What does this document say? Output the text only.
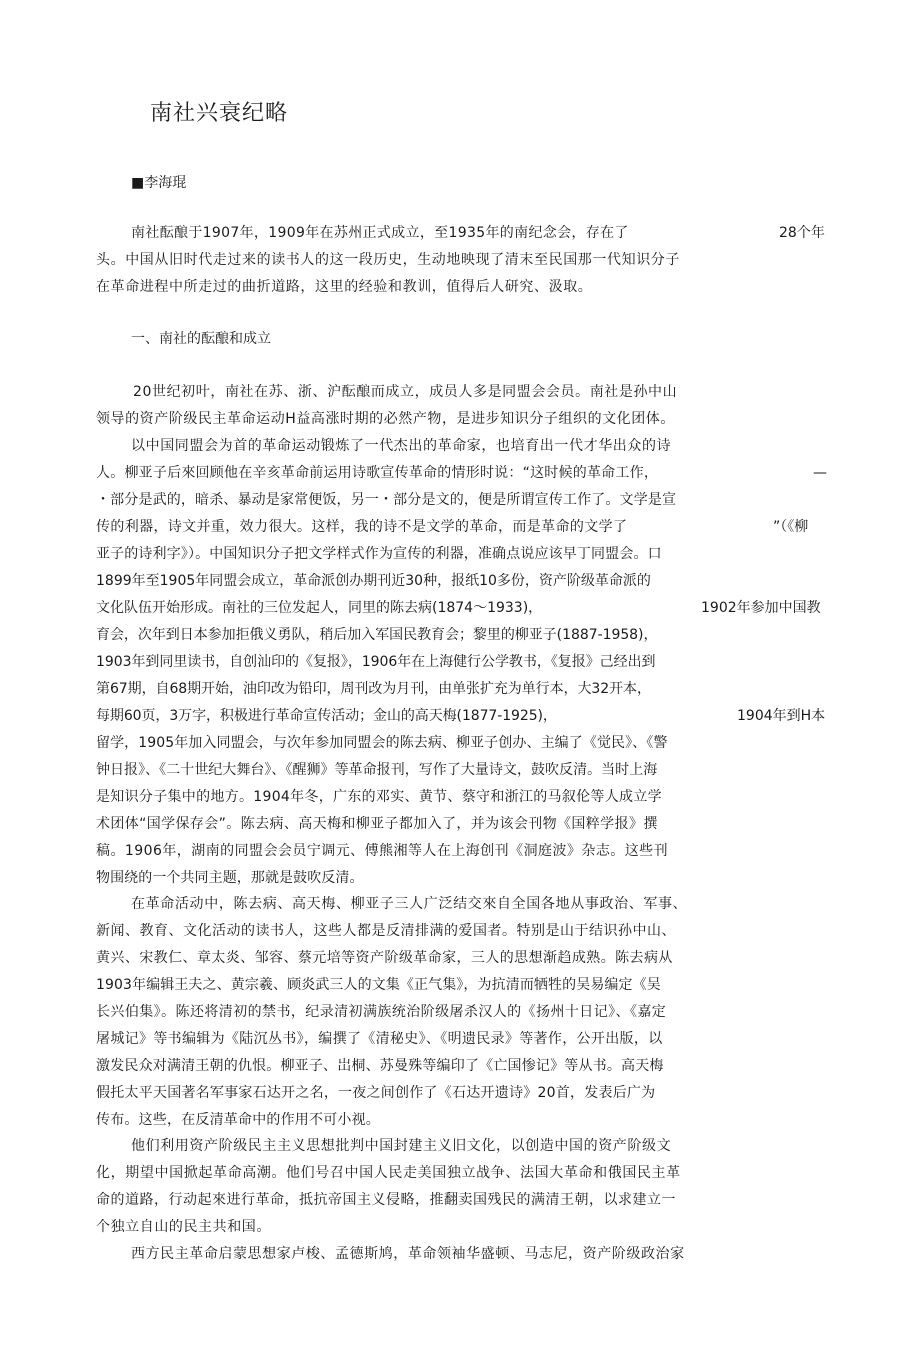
南社兴衰纪略
■李海琨
一、南社的酝酿和成立
南社酝酿于1907年，1909年在苏州正式成立，至1935年的南纪念会，存在了	28个年
头。中国从旧时代走过来的读书人的这一段历史，生动地映现了清末至民国那一代知识分子
在革命进程中所走过的曲折道路，这里的经验和教训，值得后人研究、汲取。
20世纪初叶，南社在苏、浙、沪酝酿而成立，成员人多是同盟会会员。南社是孙中山
领导的资产阶级民主革命运动H益高涨时期的必然产物，是进步知识分子组织的文化团体。
以中国同盟会为首的革命运动锻炼了一代杰出的革命家，也培育出一代才华出众的诗
人。柳亚子后來回顾他在辛亥革命前运用诗歌宣传革命的情形时说：“这时候的革命工作，	—
・部分是武的，暗杀、暴动是家常便饭，另一・部分是文的，便是所谓宣传工作了。文学是宣
传的利器，诗文并重，效力很大。这样，我的诗不是文学的革命，而是革命的文学了	”（《柳
亚子的诗利字》）。中国知识分子把文学样式作为宣传的利器，准确点说应该早丁同盟会。口
1899年至1905年同盟会成立，革命派创办期刊近30种，报纸10多份，资产阶级革命派的
文化队伍开始形成。南社的三位发起人，同里的陈去病(1874～1933)，	1902年参加中国教
育会，次年到日本参加拒俄义勇队，稍后加入军国民教育会；黎里的柳亚子(1887-1958)，
1903年到同里读书，自创汕印的《复报》，1906年在上海健行公学教书，《复报》己经出到
第67期，自68期开始，油印改为铅印，周刊改为月刊，由单张扩充为单行本，大32开本，
每期60页，3万字，积极进行革命宣传活动；金山的高天梅(1877-1925)，	1904年到H本
留学，1905年加入同盟会，与次年参加同盟会的陈去病、柳亚子创办、主编了《觉民》、《警
钟日报》、《二十世纪大舞台》、《醒狮》等革命报刊，写作了大量诗文，鼓吹反清。当时上海
是知识分子集中的地方。1904年冬，广东的邓实、黄节、蔡守和浙江的马叙伦等人成立学
术团体“国学保存会”。陈去病、高天梅和柳亚子都加入了，并为该会刊物《国粹学报》撰
稿。1906年，湖南的同盟会会员宁调元、傅熊湘等人在上海创刊《洞庭波》杂志。这些刊
物围绕的一个共同主题，那就是鼓吹反清。
在革命活动中，陈去病、高天梅、柳亚子三人广泛结交來自全国各地从事政治、军事、
新闻、教育、文化活动的读书人，这些人都是反清排满的爱国者。特别是山于结识孙中山、
黄兴、宋教仁、章太炎、邹容、蔡元培等资产阶级革命家，三人的思想渐趋成熟。陈去病从
1903年编辑王夫之、黄宗羲、顾炎武三人的文集《正气集》，为抗清而牺牲的吴易编定《吴
长兴伯集》。陈还将清初的禁书，纪录清初满族统治阶级屠杀汉人的《扬州十日记》、《嘉定
屠城记》等书编辑为《陆沉丛书》，编撰了《清秘史》、《明遗民录》等著作，公开出版，以
激发民众对满清王朝的仇恨。柳亚子、岀桐、苏曼殊等编印了《亡国惨记》等从书。高天梅
假托太平天国著名军事家石达开之名，一夜之间创作了《石达开遗诗》20首，发表后广为
传布。这些，在反清革命中的作用不可小视。
他们利用资产阶级民主主义思想批判中国封建主义旧文化，以创造中国的资产阶级文
化，期望中国掀起革命高潮。他们号召中国人民走美国独立战争、法国大革命和俄国民主革
命的道路，行动起來进行革命，抵抗帝国主义侵略，推翻卖国残民的满清王朝，以求建立一
个独立自山的民主共和国。
西方民主革命启蒙思想家卢梭、孟德斯鸠，革命领袖华盛顿、马志尼，资产阶级政治家
